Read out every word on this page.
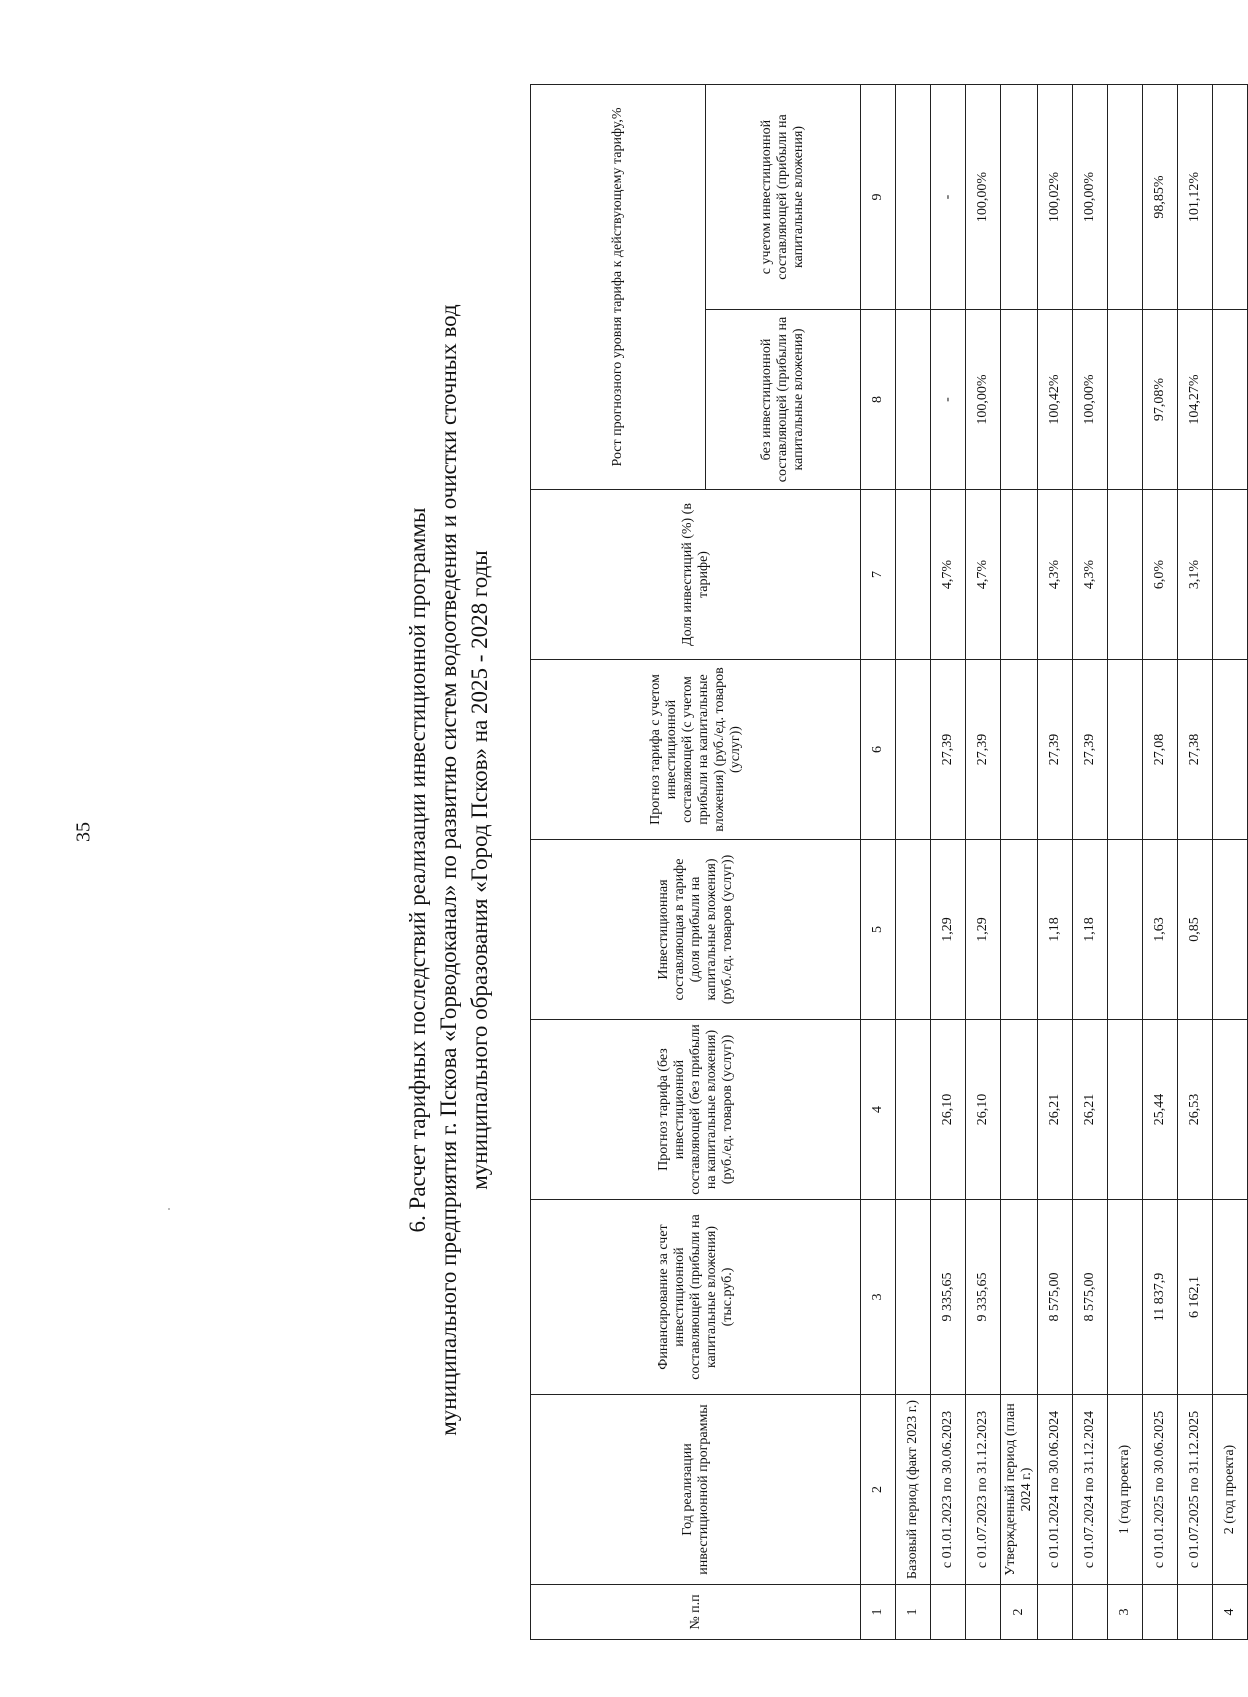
35	6. Расчет тарифных последствий реализации инвестиционной программы муниципального предприятия г. Пскова «Горводоканал» по развитию систем водоотведения и очистки сточных вод муниципального образования «Город Псков» на 2025 - 2028 годы
№ п.п	Год реализации инвестиционной программы	Финансирование за счет инвестиционной составляющей (прибыли на капитальные вложения) (тыс.руб.)	Прогноз тарифа (без инвестиционной составляющей (без прибыли на капитальные вложения) (руб./ед. товаров (услуг))	Инвестиционная составляющая в тарифе (доля прибыли на капитальные вложения) (руб./ед. товаров (услуг))	Прогноз тарифа с учетом инвестиционной составляющей (с учетом прибыли на капитальные вложения) (руб./ед. товаров (услуг))	Доля инвестиций (%) (в тарифе)	Рост прогнозного уровня тарифа к действующему тарифу,%	
							без инвестиционной составляющей (прибыли на капитальные вложения)	с учетом инвестиционной составляющей (прибыли на капитальные вложения)
1	2	3	4	5	6	7	8	9
1	Базовый период (факт 2023 г.)							
	с 01.01.2023 по 30.06.2023	9 335,65	26,10	1,29	27,39	4,7%	-	-
	с 01.07.2023 по 31.12.2023	9 335,65	26,10	1,29	27,39	4,7%	100,00%	100,00%
2	Утвержденный период (план 2024 г.)							
	с 01.01.2024 по 30.06.2024	8 575,00	26,21	1,18	27,39	4,3%	100,42%	100,02%
	с 01.07.2024 по 31.12.2024	8 575,00	26,21	1,18	27,39	4,3%	100,00%	100,00%
3	1 (год проекта)							
	с 01.01.2025 по 30.06.2025	11 837,9	25,44	1,63	27,08	6,0%	97,08%	98,85%
	с 01.07.2025 по 31.12.2025	6 162,1	26,53	0,85	27,38	3,1%	104,27%	101,12%
4	2 (год проекта)							
